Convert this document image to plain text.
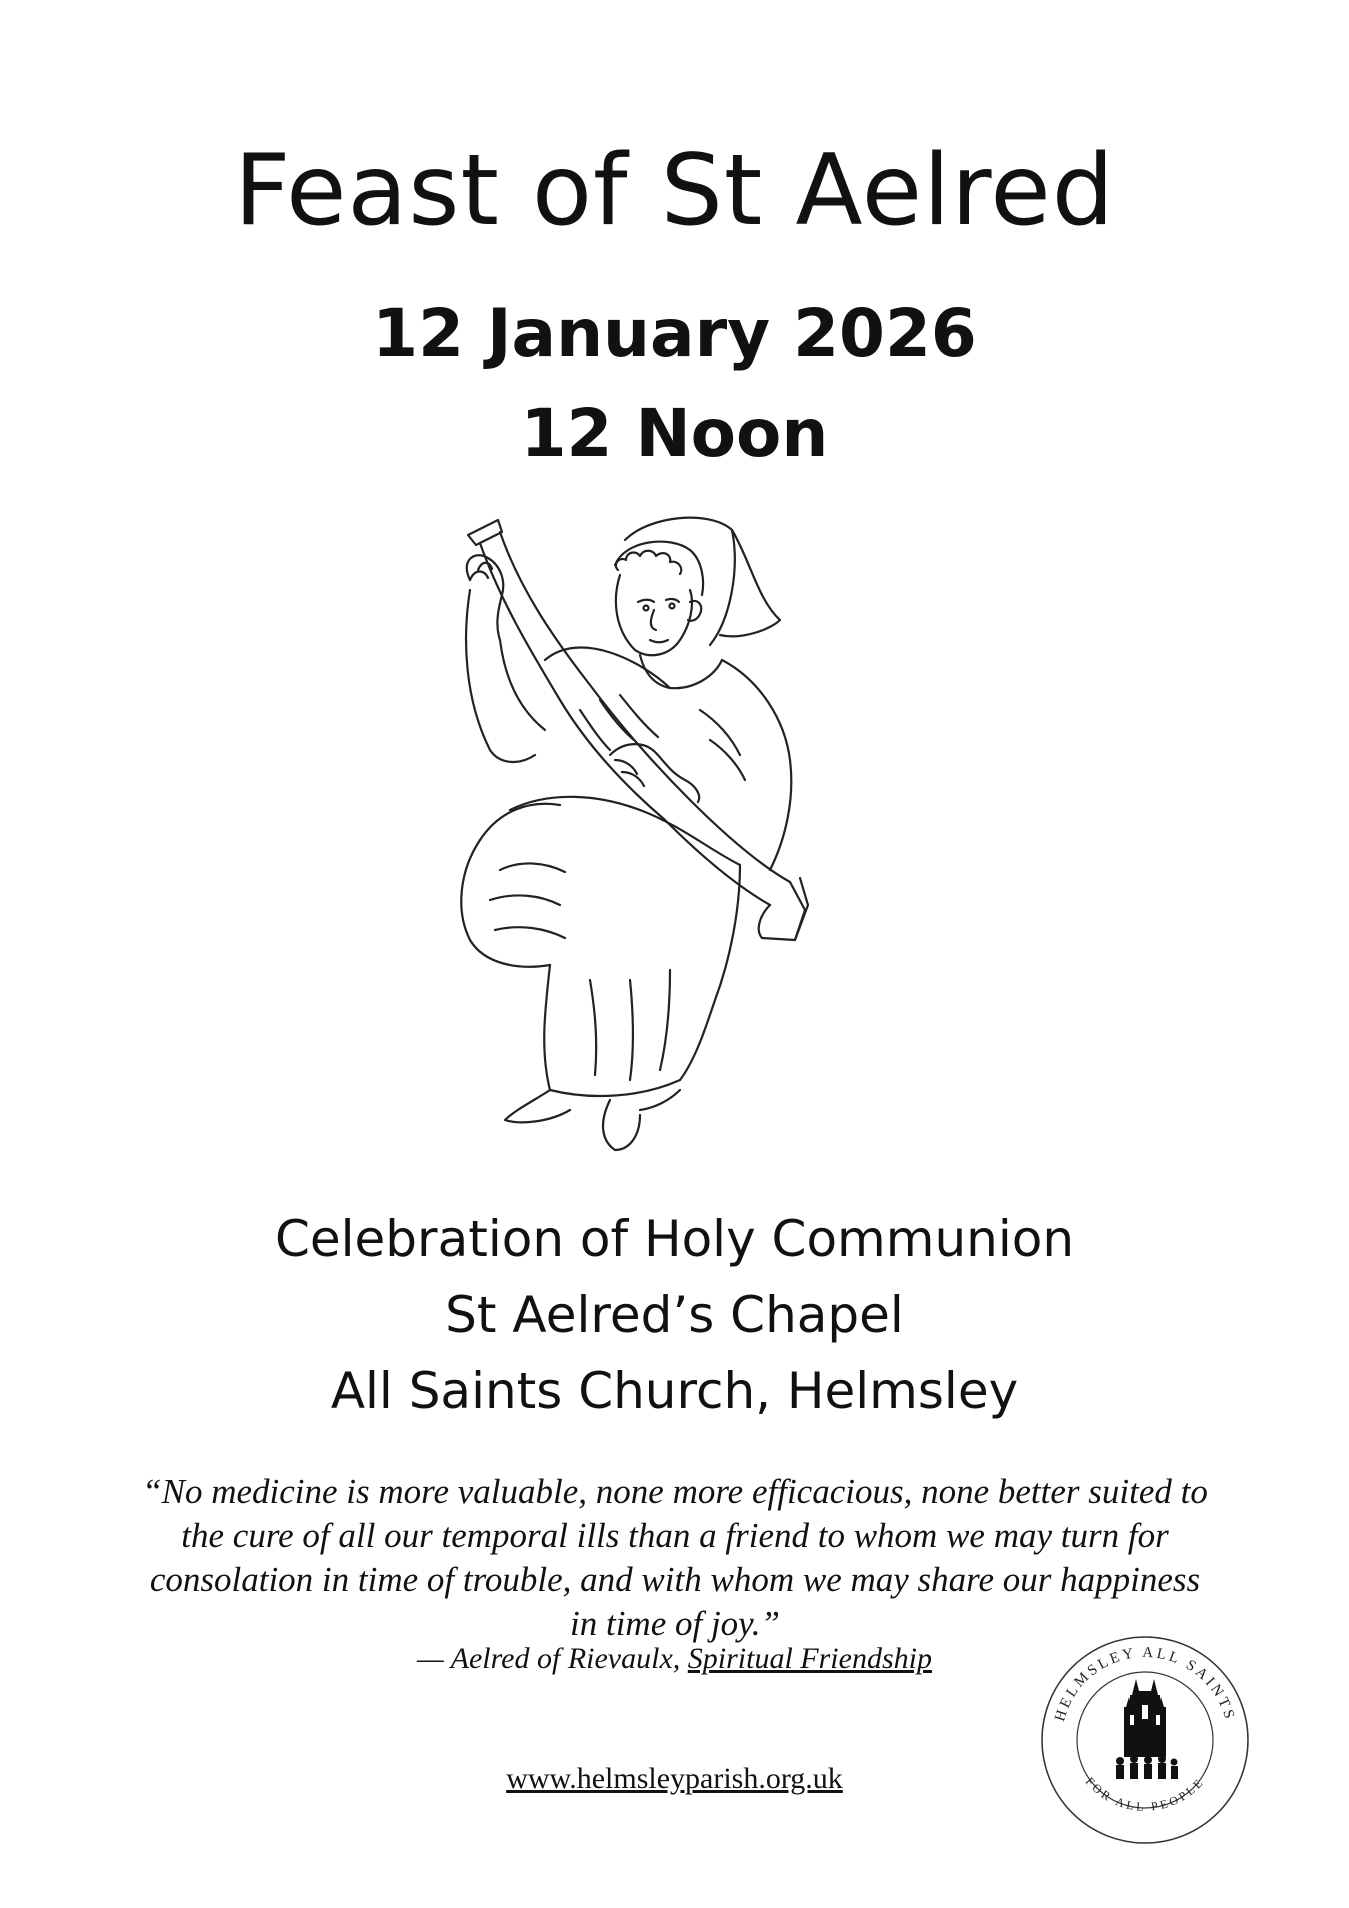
Feast of St Aelred
12 January 2026
12 Noon
Celebration of Holy Communion
St Aelred’s Chapel
All Saints Church, Helmsley
“No medicine is more valuable, none more efficacious, none better suited to the cure of all our temporal ills than a friend to whom we may turn for consolation in time of trouble, and with whom we may share our happiness in time of joy.”
— Aelred of Rievaulx, Spiritual Friendship
www.helmsleyparish.org.uk
HELMSLEY ALL SAINTS
FOR ALL PEOPLE
